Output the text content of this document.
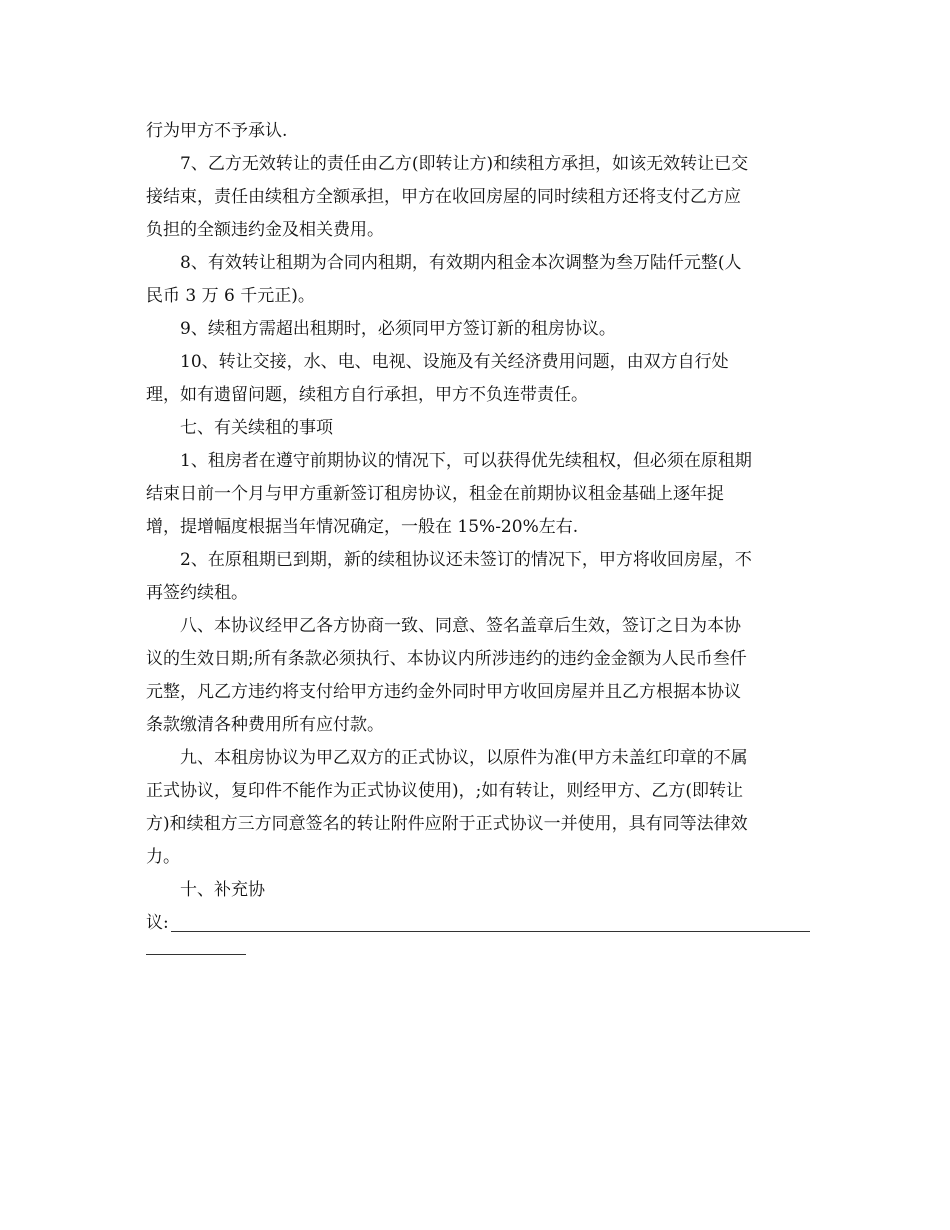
行为甲方不予承认.
7、乙方无效转让的责任由乙方(即转让方)和续租方承担，如该无效转让已交
接结束，责任由续租方全额承担，甲方在收回房屋的同时续租方还将支付乙方应
负担的全额违约金及相关费用。
8、有效转让租期为合同内租期，有效期内租金本次调整为叁万陆仟元整(人
民币 3 万 6 千元正)。
9、续租方需超出租期时，必须同甲方签订新的租房协议。
10、转让交接，水、电、电视、设施及有关经济费用问题，由双方自行处
理，如有遗留问题，续租方自行承担，甲方不负连带责任。
七、有关续租的事项
1、租房者在遵守前期协议的情况下，可以获得优先续租权，但必须在原租期
结束日前一个月与甲方重新签订租房协议，租金在前期协议租金基础上逐年捉
增，提增幅度根据当年情况确定，一般在 15%-20%左右.
2、在原租期已到期，新的续租协议还未签订的情况下，甲方将收回房屋，不
再签约续租。
八、本协议经甲乙各方协商一致、同意、签名盖章后生效，签订之日为本协
议的生效日期;所有条款必须执行、本协议内所涉违约的违约金金额为人民币叁仟
元整，凡乙方违约将支付给甲方违约金外同时甲方收回房屋并且乙方根据本协议
条款缴清各种费用所有应付款。
九、本租房协议为甲乙双方的正式协议，以原件为准(甲方未盖红印章的不属
正式协议，复印件不能作为正式协议使用)，;如有转让，则经甲方、乙方(即转让
方)和续租方三方同意签名的转让附件应附于正式协议一并使用，具有同等法律效
力。
十、补充协
议:
